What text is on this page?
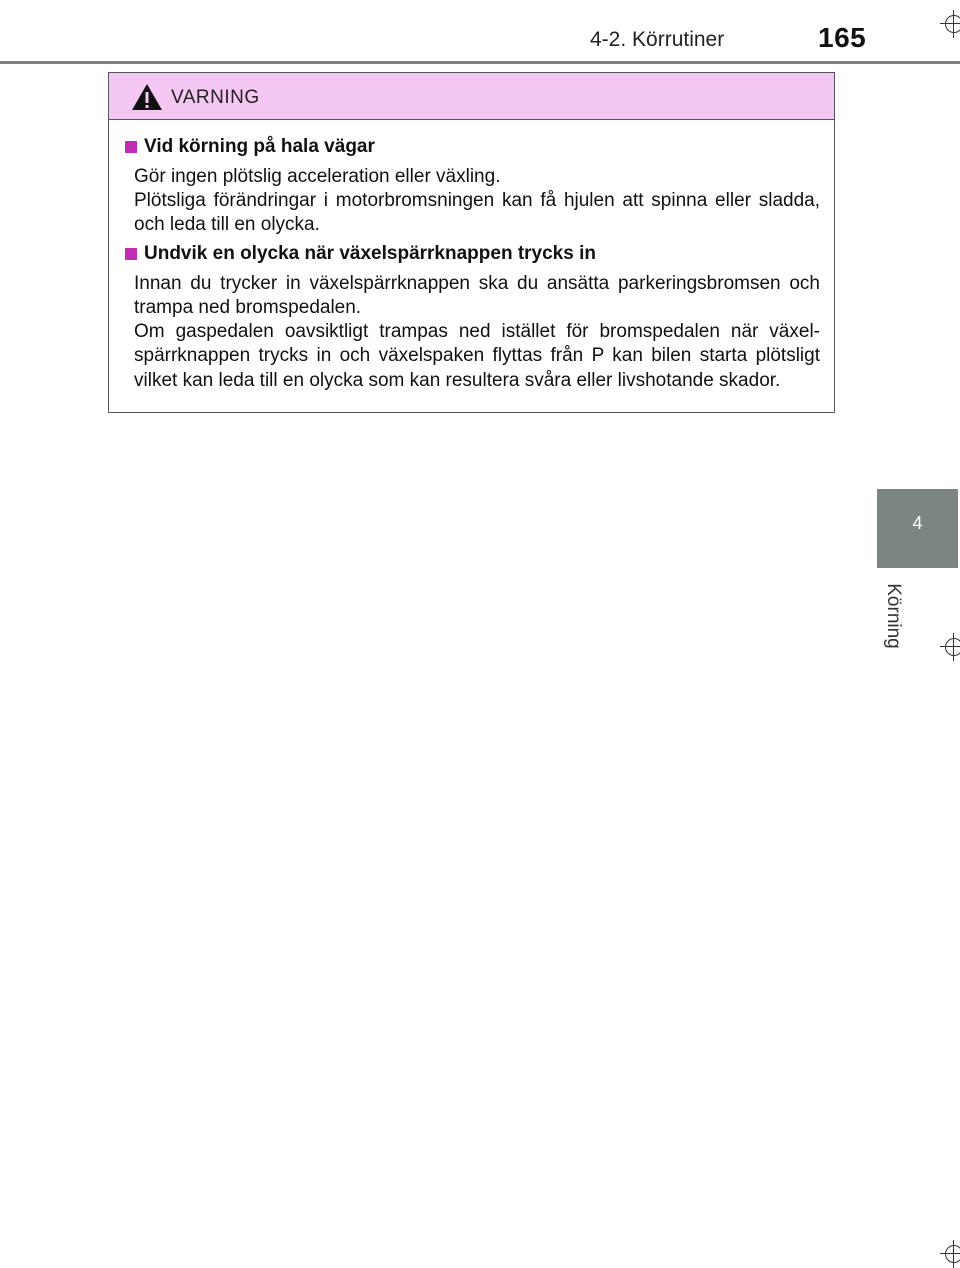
4-2. Körrutiner	165
4
Körning
VARNING
Vid körning på hala vägar
Gör ingen plötslig acceleration eller växling.
Plötsliga förändringar i motorbromsningen kan få hjulen att spinna eller sladda, och leda till en olycka.
Undvik en olycka när växelspärrknappen trycks in
Innan du trycker in växelspärrknappen ska du ansätta parkeringsbromsen och trampa ned bromspedalen.
Om gaspedalen oavsiktligt trampas ned istället för bromspedalen när växel-spärrknappen trycks in och växelspaken flyttas från P kan bilen starta plötsligt vilket kan leda till en olycka som kan resultera svåra eller livshotande skador.
